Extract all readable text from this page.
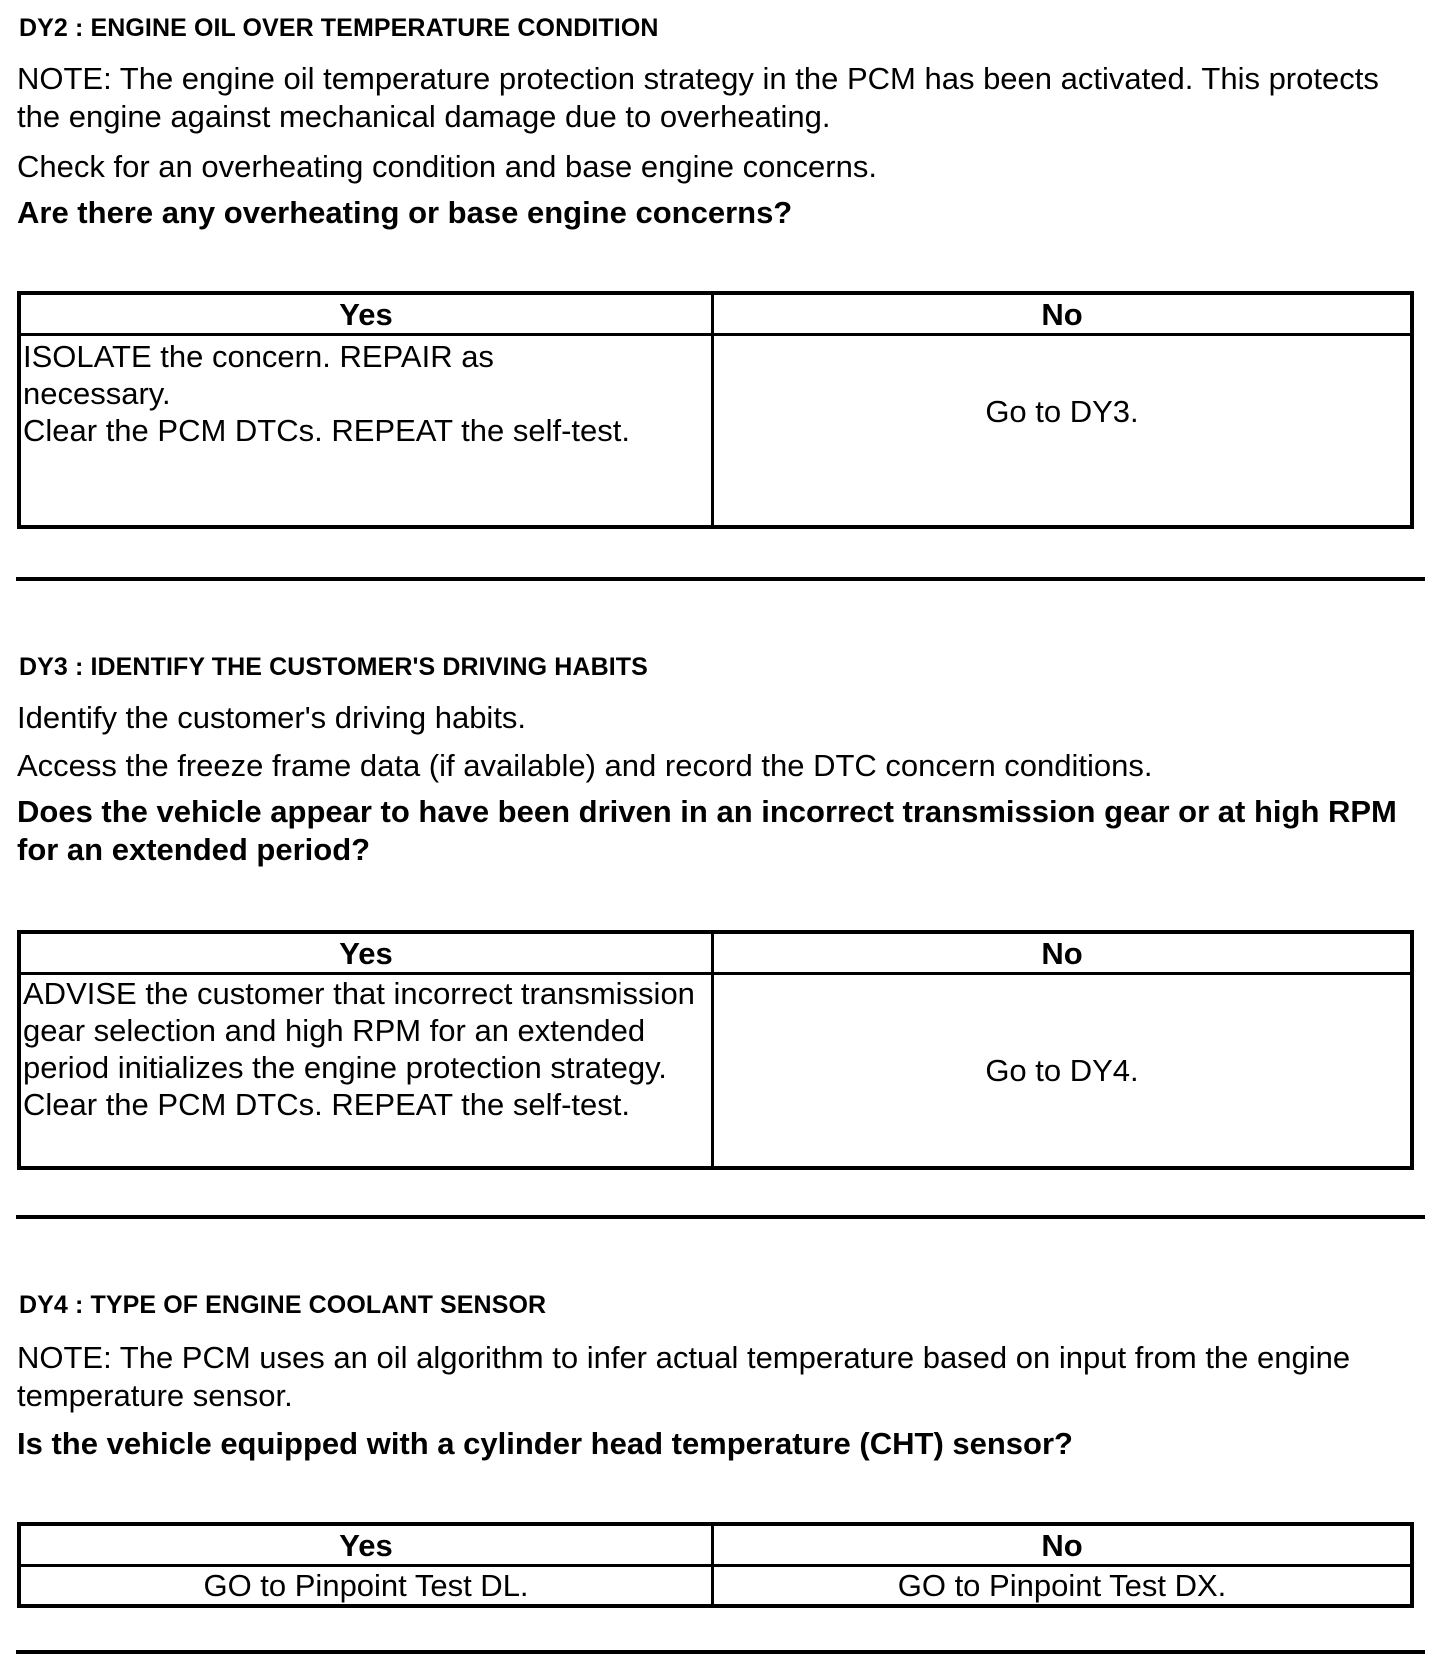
DY2 : ENGINE OIL OVER TEMPERATURE CONDITION
NOTE: The engine oil temperature protection strategy in the PCM has been activated. This protects the engine against mechanical damage due to overheating.
Check for an overheating condition and base engine concerns.
Are there any overheating or base engine concerns?
Yes	No

ISOLATE the concern. REPAIR as necessary.
Clear the PCM DTCs. REPEAT the self-test.	Go to DY3.
DY3 : IDENTIFY THE CUSTOMER'S DRIVING HABITS
Identify the customer's driving habits.
Access the freeze frame data (if available) and record the DTC concern conditions.
Does the vehicle appear to have been driven in an incorrect transmission gear or at high RPM for an extended period?
Yes	No

ADVISE the customer that incorrect transmission gear selection and high RPM for an extended period initializes the engine protection strategy.
Clear the PCM DTCs. REPEAT the self-test.	Go to DY4.
DY4 : TYPE OF ENGINE COOLANT SENSOR
NOTE: The PCM uses an oil algorithm to infer actual temperature based on input from the engine temperature sensor.
Is the vehicle equipped with a cylinder head temperature (CHT) sensor?
Yes	No
GO to Pinpoint Test DL.	GO to Pinpoint Test DX.
